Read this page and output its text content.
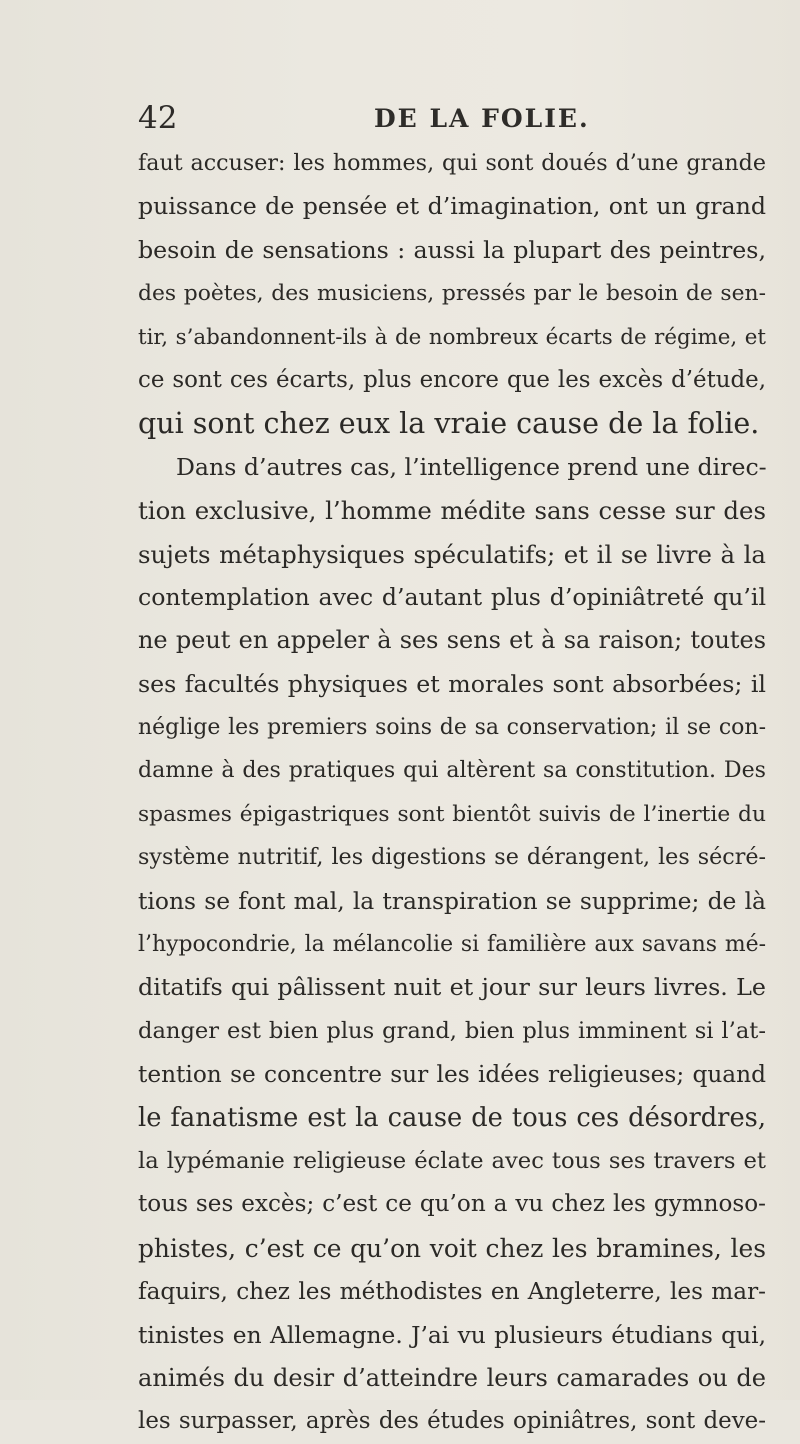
42	DE LA FOLIE.
faut accuser: les hommes, qui sont doués d’une grande
puissance de pensée et d’imagination, ont un grand
besoin de sensations : aussi la plupart des peintres,
des poètes, des musiciens, pressés par le besoin de sen-
tir, s’abandonnent-ils à de nombreux écarts de régime, et
ce sont ces écarts, plus encore que les excès d’étude,
qui sont chez eux la vraie cause de la folie.
Dans d’autres cas, l’intelligence prend une direc-
tion exclusive, l’homme médite sans cesse sur des
sujets métaphysiques spéculatifs; et il se livre à la
contemplation avec d’autant plus d’opiniâtreté qu’il
ne peut en appeler à ses sens et à sa raison; toutes
ses facultés physiques et morales sont absorbées; il
néglige les premiers soins de sa conservation; il se con-
damne à des pratiques qui altèrent sa constitution. Des
spasmes épigastriques sont bientôt suivis de l’inertie du
système nutritif, les digestions se dérangent, les sécré-
tions se font mal, la transpiration se supprime; de là
l’hypocondrie, la mélancolie si familière aux savans mé-
ditatifs qui pâlissent nuit et jour sur leurs livres. Le
danger est bien plus grand, bien plus imminent si l’at-
tention se concentre sur les idées religieuses; quand
le fanatisme est la cause de tous ces désordres,
la lypémanie religieuse éclate avec tous ses travers et
tous ses excès; c’est ce qu’on a vu chez les gymnoso-
phistes, c’est ce qu’on voit chez les bramines, les
faquirs, chez les méthodistes en Angleterre, les mar-
tinistes en Allemagne. J’ai vu plusieurs étudians qui,
animés du desir d’atteindre leurs camarades ou de
les surpasser, après des études opiniâtres, sont deve-
